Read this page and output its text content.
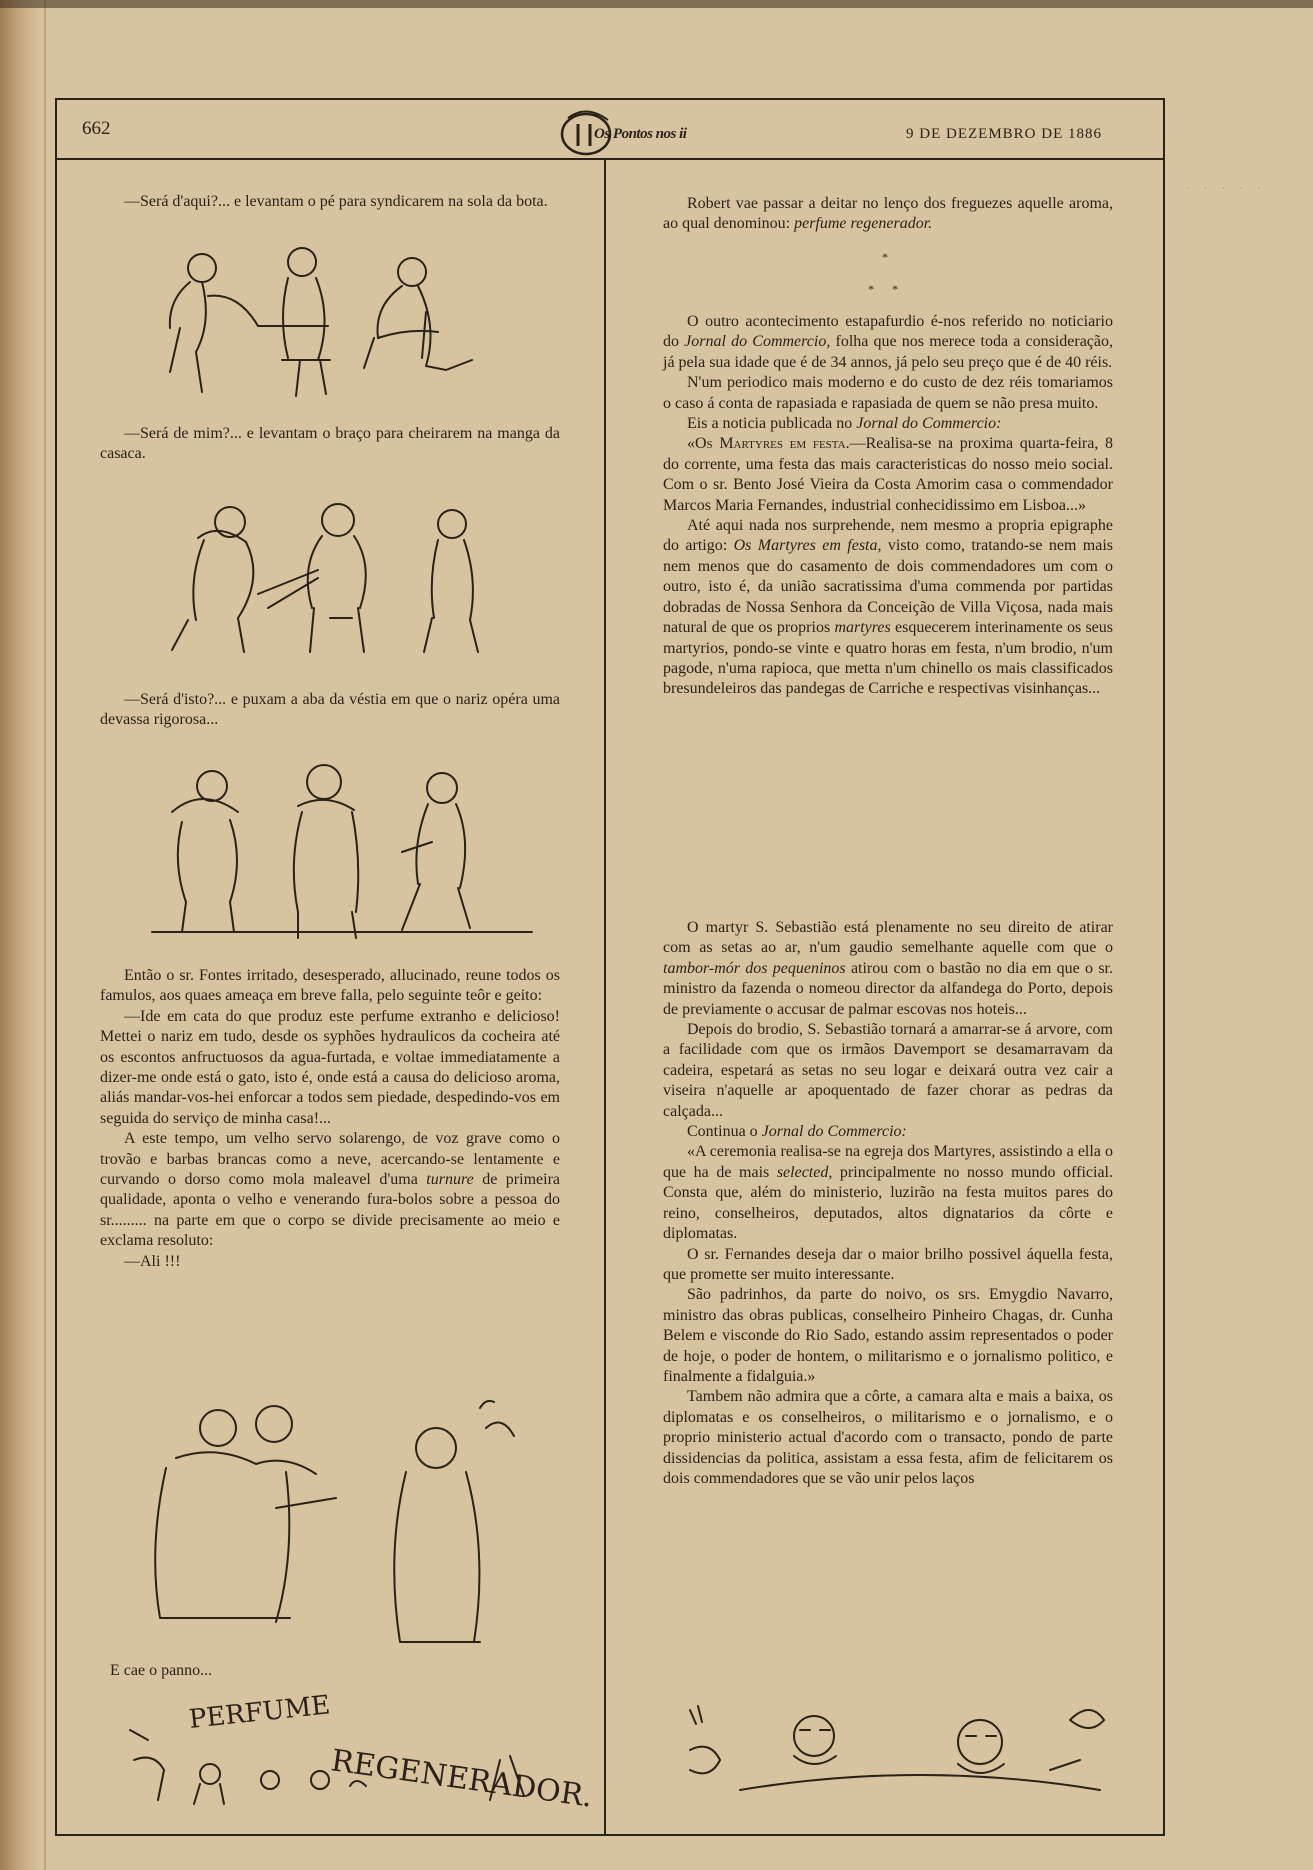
662	Os Pontos nos ii	9 DE DEZEMBRO DE 1886

—Será d'aqui?... e levantam o pé para syndicarem na sola da bota.

—Será de mim?... e levantam o braço para cheirarem na manga da casaca.

—Será d'isto?... e puxam a aba da véstia em que o nariz opéra uma devassa rigorosa...

Então o sr. Fontes irritado, desesperado, allucinado, reune todos os famulos, aos quaes ameaça em breve falla, pelo seguinte teôr e geito:

—Ide em cata do que produz este perfume extranho e delicioso! Mettei o nariz em tudo, desde os syphões hydraulicos da cocheira até os escontos anfructuosos da agua-furtada, e voltae immediatamente a dizer-me onde está o gato, isto é, onde está a causa do delicioso aroma, aliás mandar-vos-hei enforcar a todos sem piedade, despedindo-vos em seguida do serviço de minha casa!...

A este tempo, um velho servo solarengo, de voz grave como o trovão e barbas brancas como a neve, acercando-se lentamente e curvando o dorso como mola maleavel d'uma turnure de primeira qualidade, aponta o velho e venerando fura-bolos sobre a pessoa do sr......... na parte em que o corpo se divide precisamente ao meio e exclama resoluto:

—Ali !!!

E cae o panno...
PERFUME
REGENERADOR.

Robert vae passar a deitar no lenço dos freguezes aquelle aroma, ao qual denominou: perfume regenerador.

*
**

O outro acontecimento estapafurdio é-nos referido no noticiario do Jornal do Commercio, folha que nos merece toda a consideração, já pela sua idade que é de 34 annos, já pelo seu preço que é de 40 réis.

N'um periodico mais moderno e do custo de dez réis tomariamos o caso á conta de rapasiada e rapasiada de quem se não presa muito.

Eis a noticia publicada no Jornal do Commercio:

«Os Martyres em festa.—Realisa-se na proxima quarta-feira, 8 do corrente, uma festa das mais caracteristicas do nosso meio social. Com o sr. Bento José Vieira da Costa Amorim casa o commendador Marcos Maria Fernandes, industrial conhecidissimo em Lisboa...»

Até aqui nada nos surprehende, nem mesmo a propria epigraphe do artigo: Os Martyres em festa, visto como, tratando-se nem mais nem menos que do casamento de dois commendadores um com o outro, isto é, da união sacratissima d'uma commenda por partidas dobradas de Nossa Senhora da Conceição de Villa Viçosa, nada mais natural de que os proprios martyres esquecerem interinamente os seus martyrios, pondo-se vinte e quatro horas em festa, n'um brodio, n'um pagode, n'uma rapioca, que metta n'um chinello os mais classificados bresundeleiros das pandegas de Carriche e respectivas visinhanças...

O martyr S. Sebastião está plenamente no seu direito de atirar com as setas ao ar, n'um gaudio semelhante aquelle com que o tambor-mór dos pequeninos atirou com o bastão no dia em que o sr. ministro da fazenda o nomeou director da alfandega do Porto, depois de previamente o accusar de palmar escovas nos hoteis...

Depois do brodio, S. Sebastião tornará a amarrar-se á arvore, com a facilidade com que os irmãos Davemport se desamarravam da cadeira, espetará as setas no seu logar e deixará outra vez cair a viseira n'aquelle ar apoquentado de fazer chorar as pedras da calçada...

Continua o Jornal do Commercio:

«A ceremonia realisa-se na egreja dos Martyres, assistindo a ella o que ha de mais selected, principalmente no nosso mundo official. Consta que, além do ministerio, luzirão na festa muitos pares do reino, conselheiros, deputados, altos dignatarios da côrte e diplomatas.

O sr. Fernandes deseja dar o maior brilho possivel áquella festa, que promette ser muito interessante.

São padrinhos, da parte do noivo, os srs. Emygdio Navarro, ministro das obras publicas, conselheiro Pinheiro Chagas, dr. Cunha Belem e visconde do Rio Sado, estando assim representados o poder de hoje, o poder de hontem, o militarismo e o jornalismo politico, e finalmente a fidalguia.»

Tambem não admira que a côrte, a camara alta e mais a baixa, os diplomatas e os conselheiros, o militarismo e o jornalismo, e o proprio ministerio actual d'acordo com o transacto, pondo de parte dissidencias da politica, assistam a essa festa, afim de felicitarem os dois commendadores que se vão unir pelos laços

· · · · ·
